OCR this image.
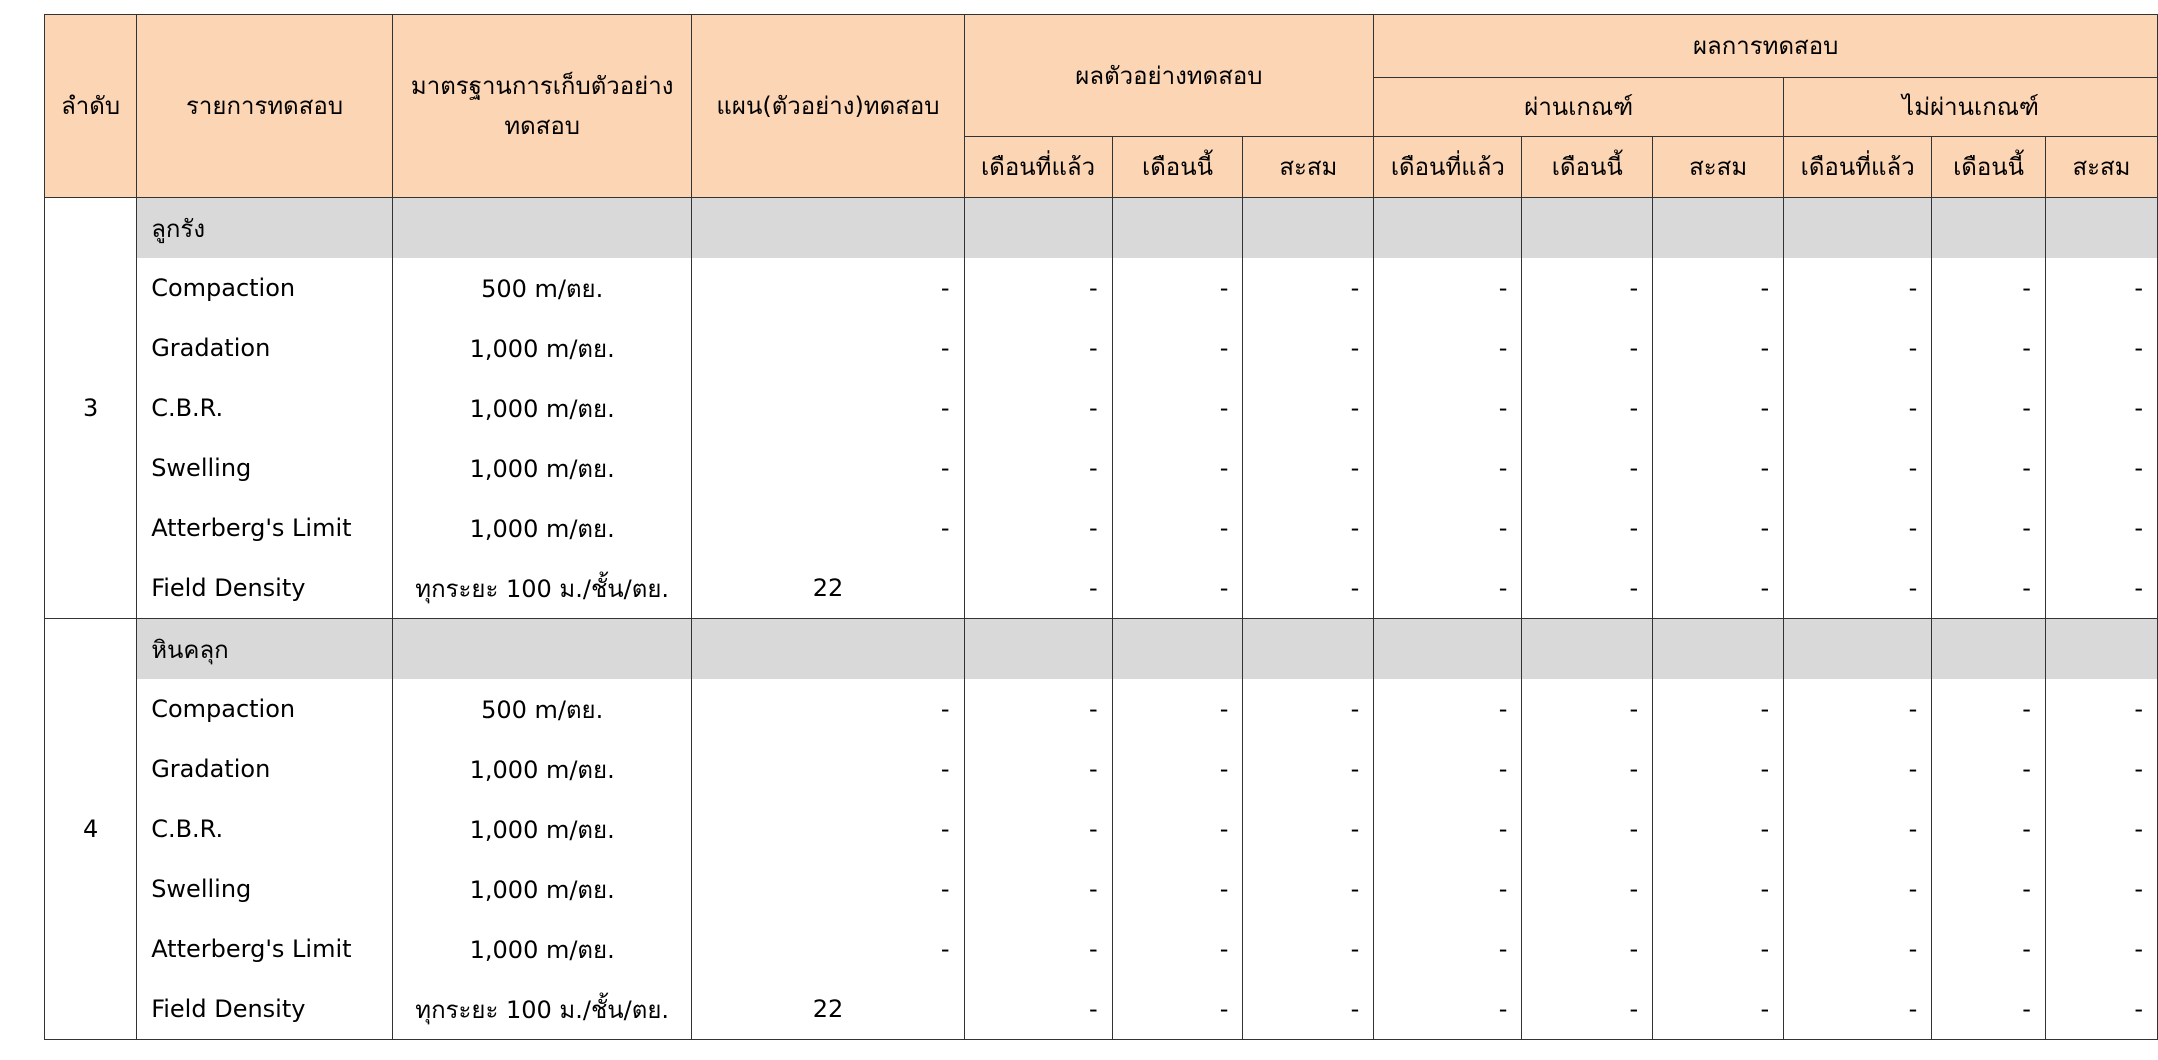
ลำดับ	รายการทดสอบ	มาตรฐานการเก็บตัวอย่างทดสอบ	แผน(ตัวอย่าง)ทดสอบ	ผลตัวอย่างทดสอบ			ผลการทดสอบ					
							ผ่านเกณฑ์			ไม่ผ่านเกณฑ์		
				เดือนที่แล้ว	เดือนนี้	สะสม	เดือนที่แล้ว	เดือนนี้	สะสม	เดือนที่แล้ว	เดือนนี้	สะสม
3	ลูกรัง											
	Compaction	500 m/ตย.	-	-	-	-	-	-	-	-	-	-
	Gradation	1,000 m/ตย.	-	-	-	-	-	-	-	-	-	-
	C.B.R.	1,000 m/ตย.	-	-	-	-	-	-	-	-	-	-
	Swelling	1,000 m/ตย.	-	-	-	-	-	-	-	-	-	-
	Atterberg's Limit	1,000 m/ตย.	-	-	-	-	-	-	-	-	-	-
	Field Density	ทุกระยะ 100 ม./ชั้น/ตย.	22	-	-	-	-	-	-	-	-	-
4	หินคลุก											
	Compaction	500 m/ตย.	-	-	-	-	-	-	-	-	-	-
	Gradation	1,000 m/ตย.	-	-	-	-	-	-	-	-	-	-
	C.B.R.	1,000 m/ตย.	-	-	-	-	-	-	-	-	-	-
	Swelling	1,000 m/ตย.	-	-	-	-	-	-	-	-	-	-
	Atterberg's Limit	1,000 m/ตย.	-	-	-	-	-	-	-	-	-	-
	Field Density	ทุกระยะ 100 ม./ชั้น/ตย.	22	-	-	-	-	-	-	-	-	-
